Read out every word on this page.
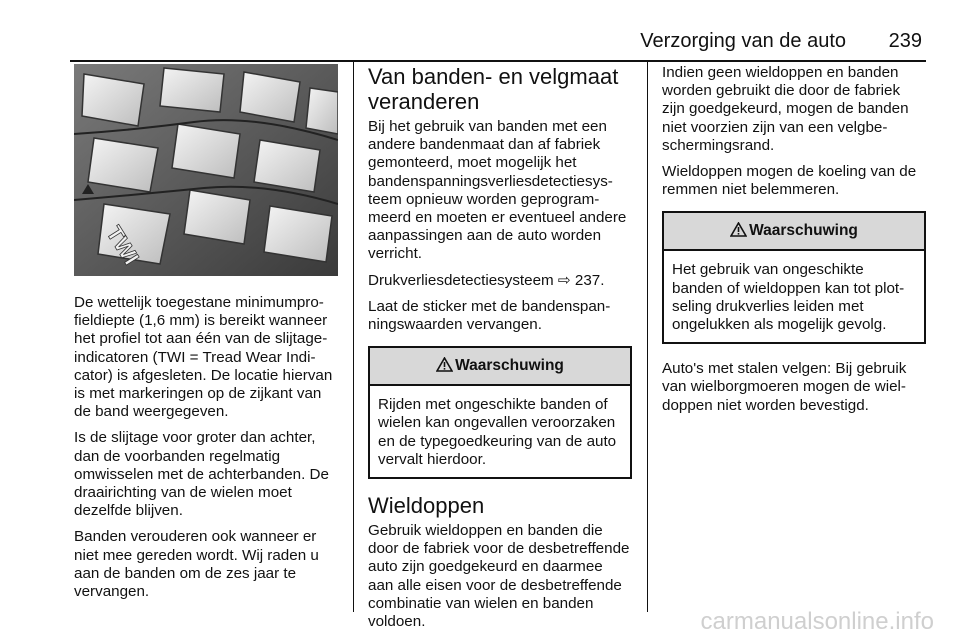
Verzorging van de auto 239
TWI

De wettelijk toegestane minimumprofieldiepte (1,6 mm) is bereikt wanneer het profiel tot aan één van de slijtageindicatoren (TWI = Tread Wear Indicator) is afgesleten. De locatie hiervan is met markeringen op de zijkant van de band weergegeven.

Is de slijtage voor groter dan achter, dan de voorbanden regelmatig omwisselen met de achterbanden. De draairichting van de wielen moet dezelfde blijven.

Banden verouderen ook wanneer er niet mee gereden wordt. Wij raden u aan de banden om de zes jaar te vervangen.

Van banden- en velgmaat veranderen

Bij het gebruik van banden met een andere bandenmaat dan af fabriek gemonteerd, moet mogelijk het bandenspanningsverliesdetectiesysteem opnieuw worden geprogrammeerd en moeten er eventueel andere aanpassingen aan de auto worden verricht.

Drukverliesdetectiesysteem ⇨ 237.

Laat de sticker met de bandenspanningswaarden vervangen.

Waarschuwing

Rijden met ongeschikte banden of wielen kan ongevallen veroorzaken en de typegoedkeuring van de auto vervalt hierdoor.

Wieldoppen

Gebruik wieldoppen en banden die door de fabriek voor de desbetreffende auto zijn goedgekeurd en daarmee aan alle eisen voor de desbetreffende combinatie van wielen en banden voldoen.

Indien geen wieldoppen en banden worden gebruikt die door de fabriek zijn goedgekeurd, mogen de banden niet voorzien zijn van een velgbeschermingsrand.

Wieldoppen mogen de koeling van de remmen niet belemmeren.

Waarschuwing

Het gebruik van ongeschikte banden of wieldoppen kan tot plotseling drukverlies leiden met ongelukken als mogelijk gevolg.

Auto's met stalen velgen: Bij gebruik van wielborgmoeren mogen de wieldoppen niet worden bevestigd.

carmanualsonline.info
